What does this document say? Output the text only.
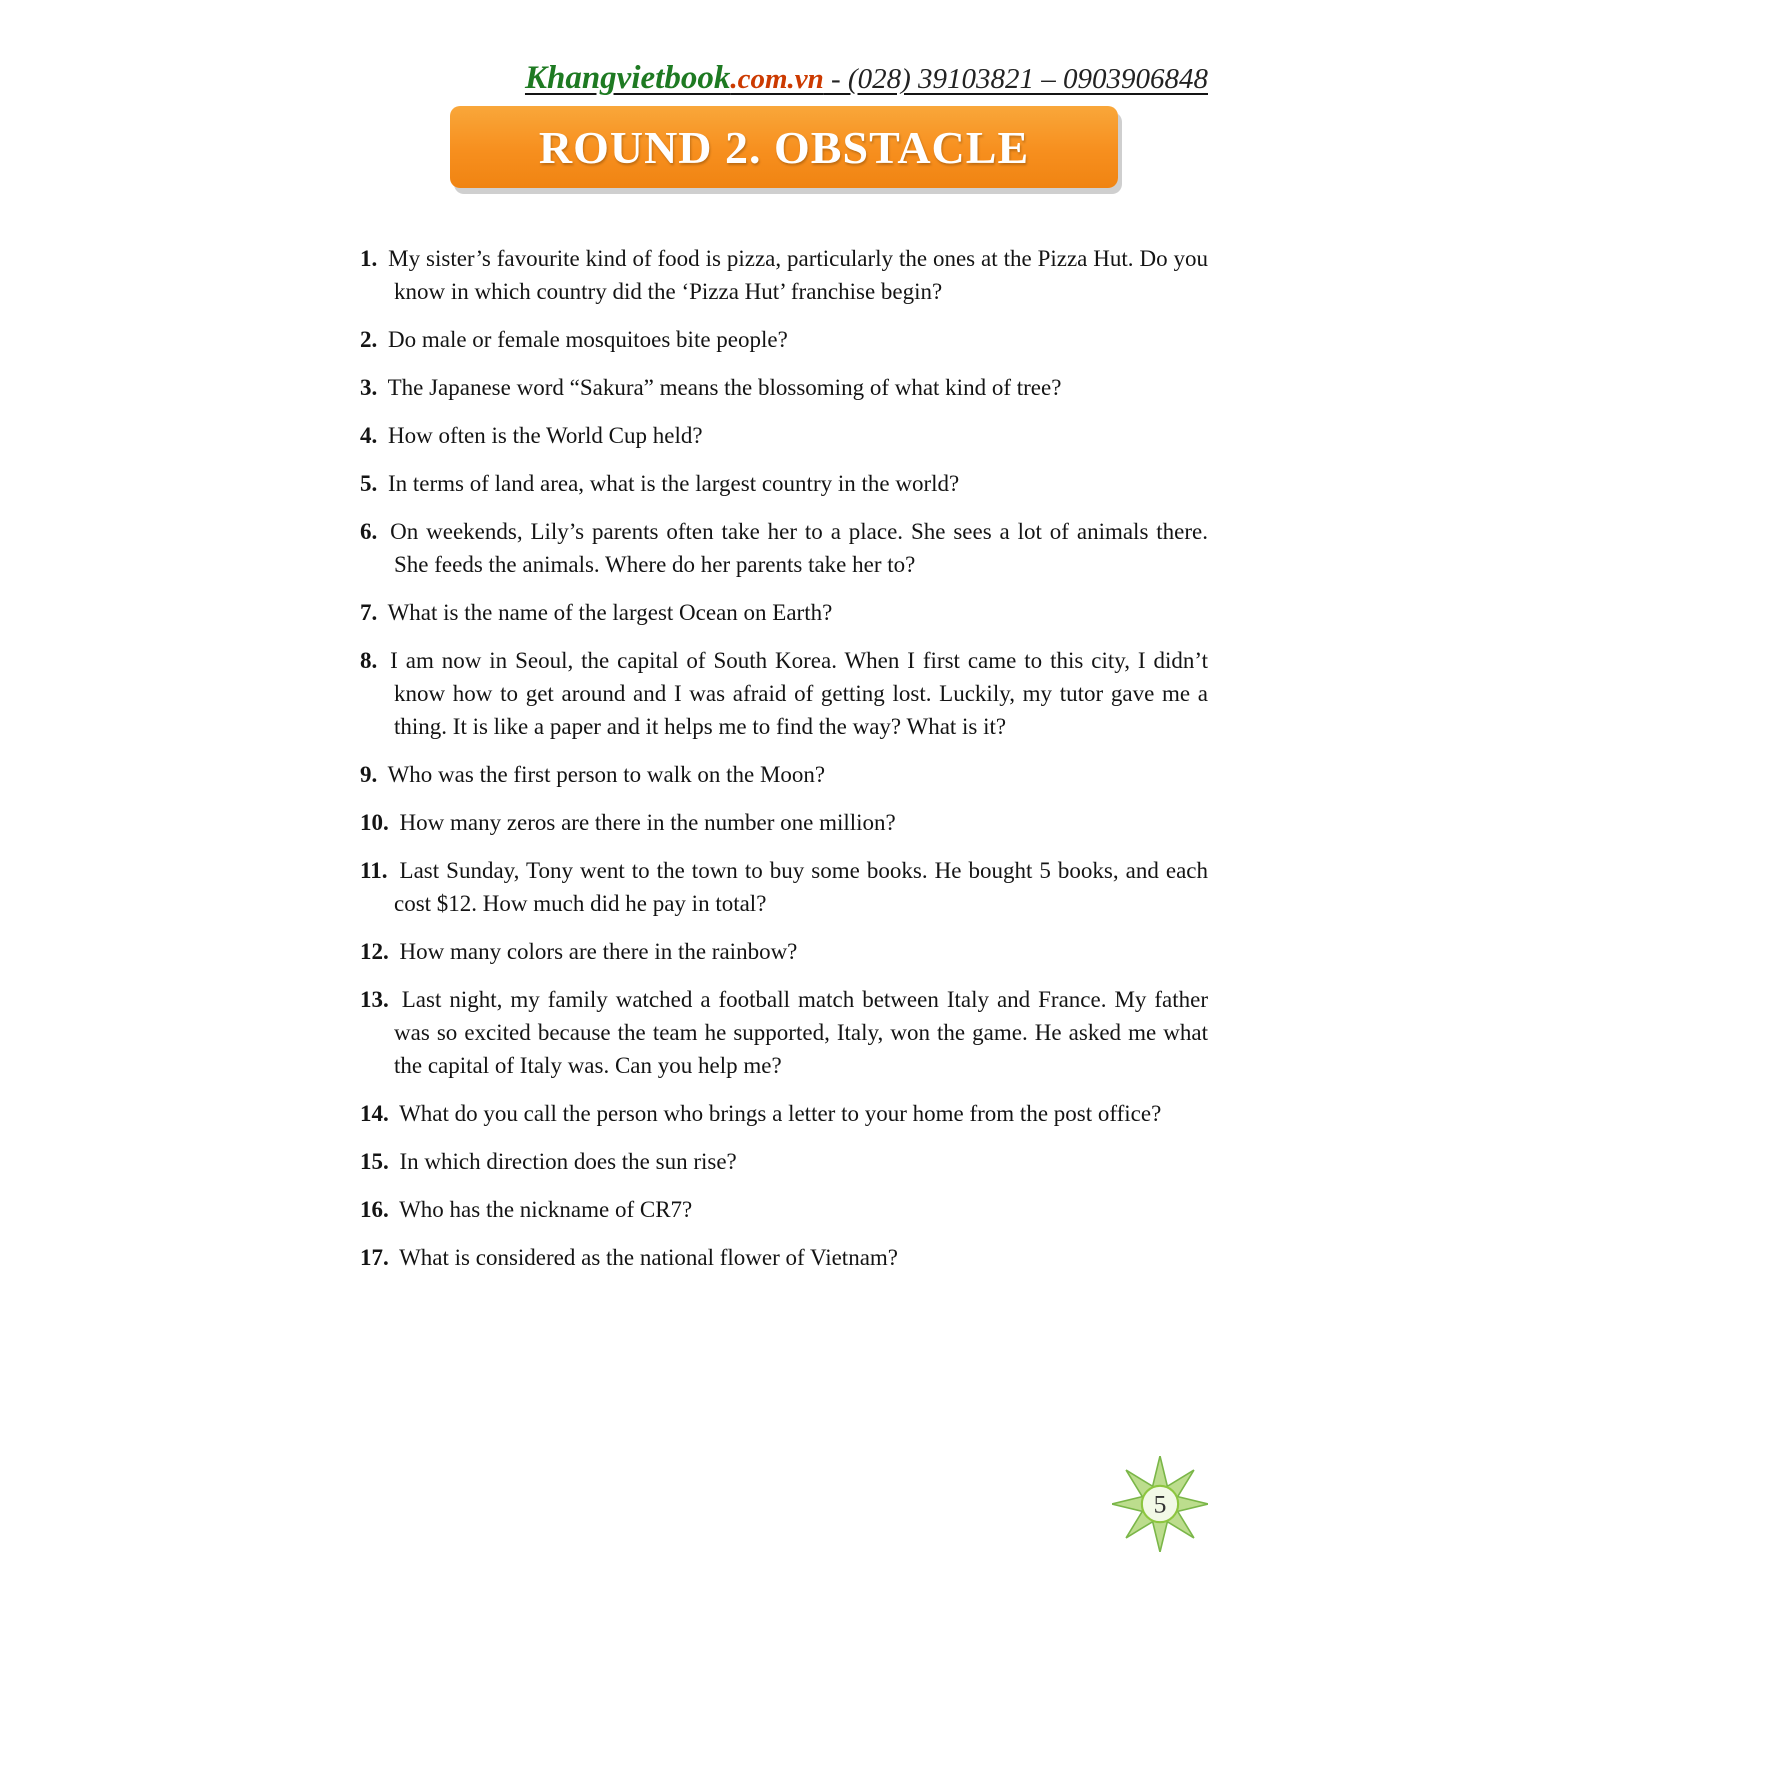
Khangvietbook.com.vn - (028) 39103821 – 0903906848
ROUND 2. OBSTACLE
1. My sister’s favourite kind of food is pizza, particularly the ones at the Pizza Hut. Do you know in which country did the ‘Pizza Hut’ franchise begin?
2. Do male or female mosquitoes bite people?
3. The Japanese word “Sakura” means the blossoming of what kind of tree?
4. How often is the World Cup held?
5. In terms of land area, what is the largest country in the world?
6. On weekends, Lily’s parents often take her to a place. She sees a lot of animals there. She feeds the animals. Where do her parents take her to?
7. What is the name of the largest Ocean on Earth?
8. I am now in Seoul, the capital of South Korea. When I first came to this city, I didn’t know how to get around and I was afraid of getting lost. Luckily, my tutor gave me a thing. It is like a paper and it helps me to find the way? What is it?
9. Who was the first person to walk on the Moon?
10. How many zeros are there in the number one million?
11. Last Sunday, Tony went to the town to buy some books. He bought 5 books, and each cost $12. How much did he pay in total?
12. How many colors are there in the rainbow?
13. Last night, my family watched a football match between Italy and France. My father was so excited because the team he supported, Italy, won the game. He asked me what the capital of Italy was. Can you help me?
14. What do you call the person who brings a letter to your home from the post office?
15. In which direction does the sun rise?
16. Who has the nickname of CR7?
17. What is considered as the national flower of Vietnam?
5
